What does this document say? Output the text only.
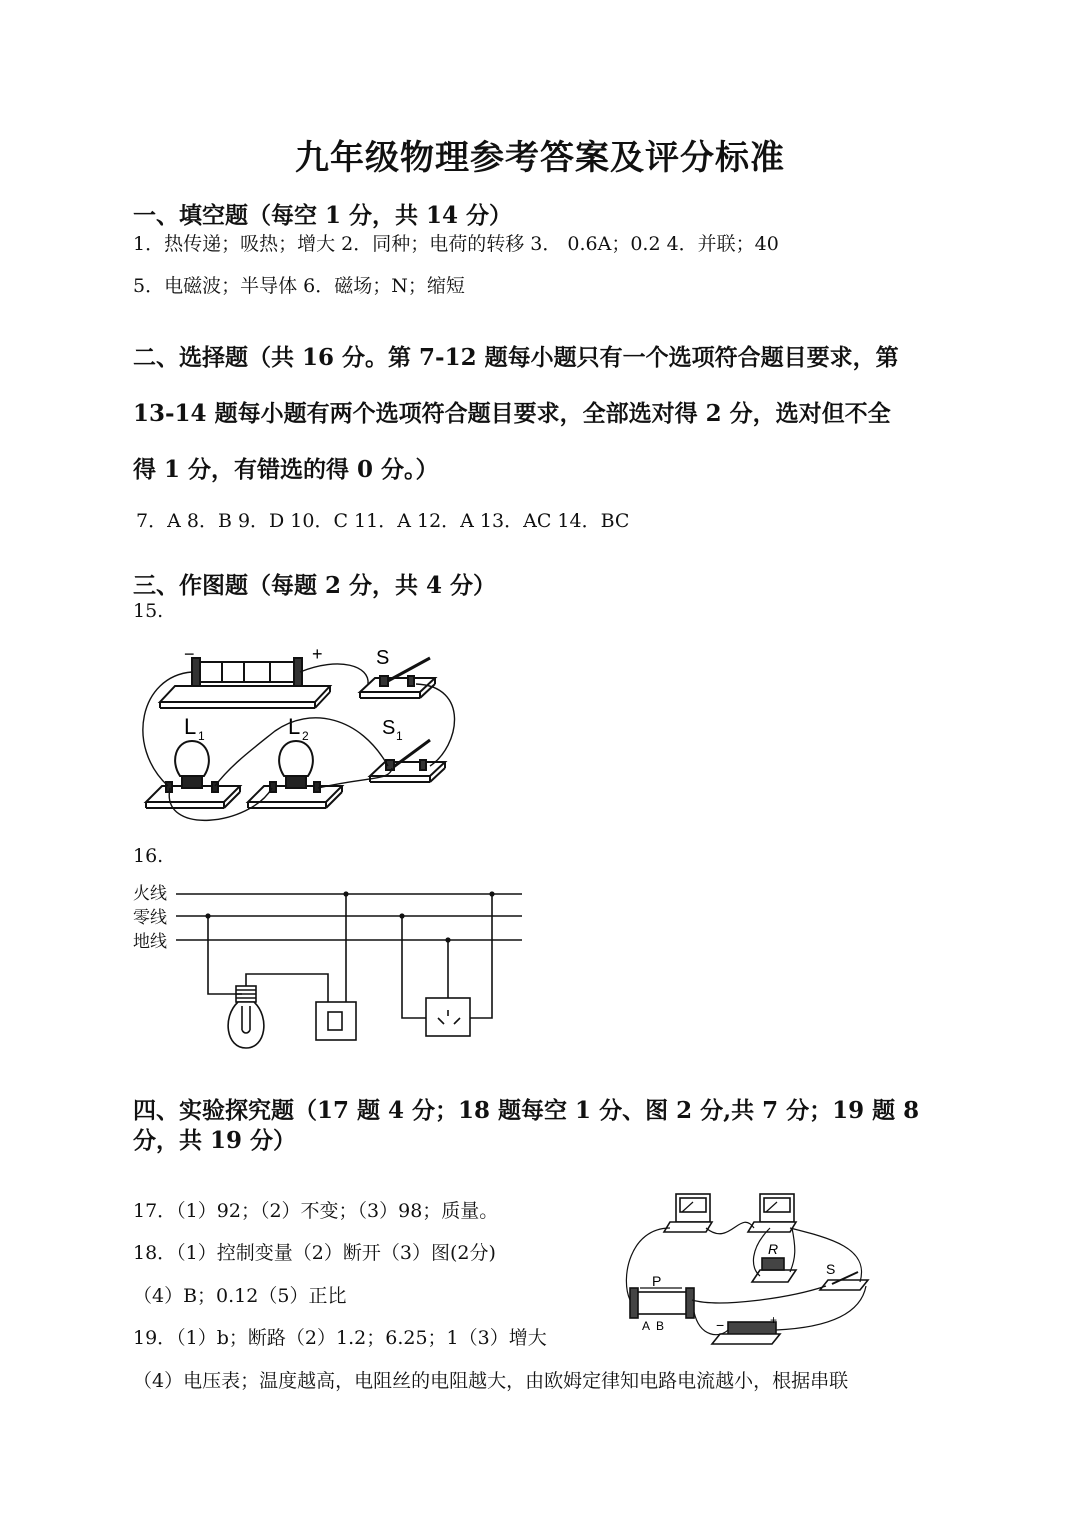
九年级物理参考答案及评分标准
一、填空题（每空 1 分，共 14 分）
1．热传递；吸热；增大 2．同种；电荷的转移 3． 0.6A；0.2 4．并联；40
5．电磁波；半导体 6．磁场；N；缩短
二、选择题（共 16 分。第 7-12 题每小题只有一个选项符合题目要求，第
13-14 题每小题有两个选项符合题目要求，全部选对得 2 分，选对但不全
得 1 分，有错选的得 0 分。）
7．A 8．B 9．D 10．C 11．A 12．A 13．AC 14．BC
三、作图题（每题 2 分，共 4 分）
15.
−	+	S
S 1
L 1	L 2
16.
火线
零线
地线
四、实验探究题（17 题 4 分；18 题每空 1 分、图 2 分,共 7 分；19 题 8
分，共 19 分）
17．（1）92；（2）不变；（3）98；质量。
18．（1）控制变量（2）断开（3）图(2分)
（4）B；0.12（5）正比
19．（1）b；断路（2）1.2；6.25；1（3）增大
（4）电压表；温度越高，电阻丝的电阻越大，由欧姆定律知电路电流越小，根据串联
P
A B
R
S
−	+
